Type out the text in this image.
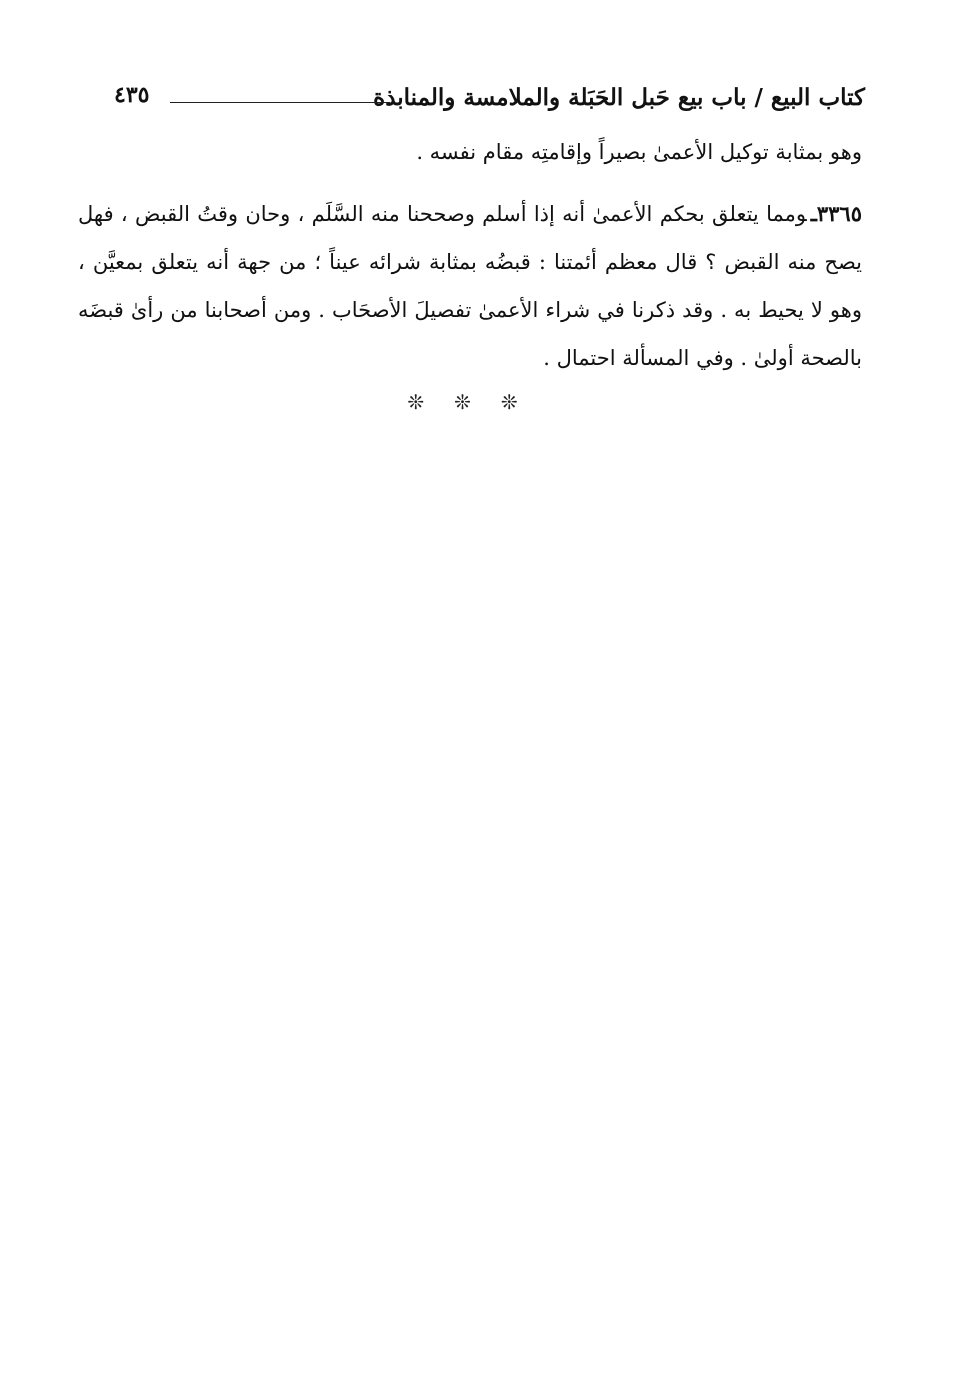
كتاب البيع / باب بيع حَبل الحَبَلة والملامسة والمنابذة
٤٣٥

وهو بمثابة توكيل الأعمىٰ بصيراً وإقامتِه مقام نفسه .

٣٣٦٥ـومما يتعلق بحكم الأعمىٰ أنه إذا أسلم وصححنا منه السَّلَم ، وحان وقتُ القبض ، فهل يصح منه القبض ؟ قال معظم أئمتنا : قبضُه بمثابة شرائه عيناً ؛ من جهة أنه يتعلق بمعيَّن ، وهو لا يحيط به . وقد ذكرنا في شراء الأعمىٰ تفصيلَ الأصحَاب . ومن أصحابنا من رأىٰ قبضَه بالصحة أولىٰ . وفي المسألة احتمال .

❊❊❊
